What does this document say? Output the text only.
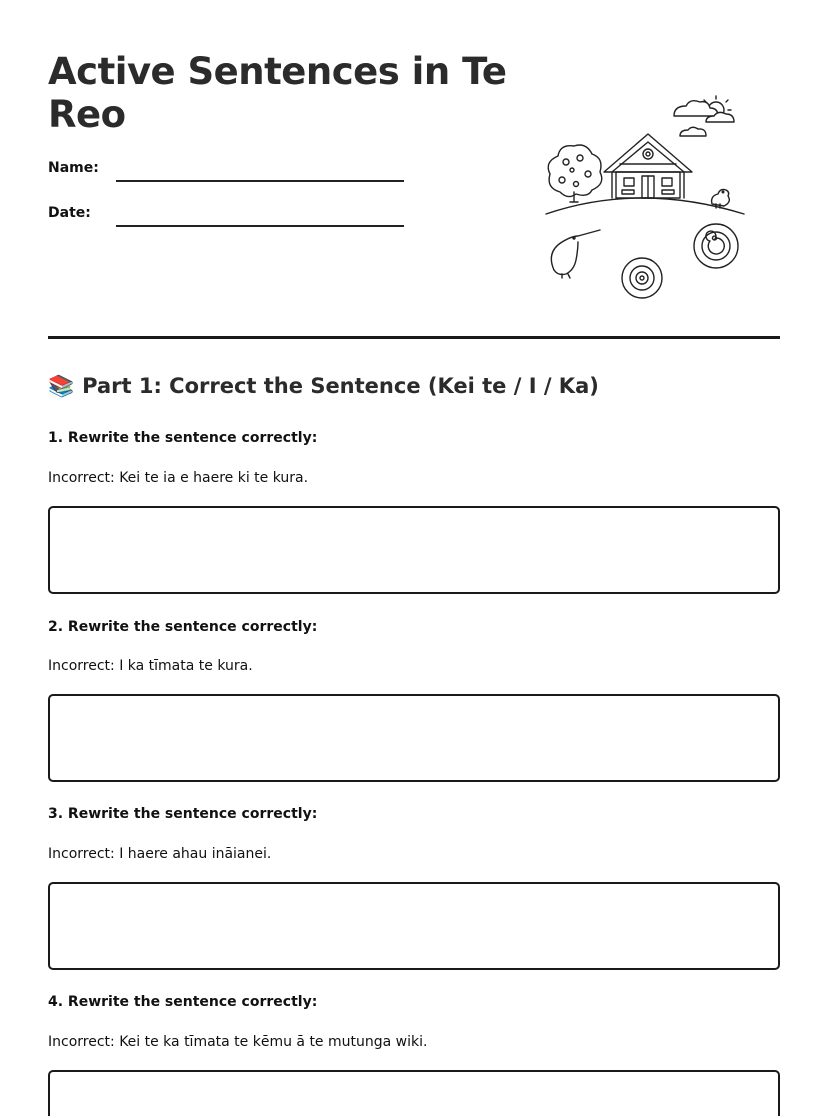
Active Sentences in Te Reo
Name:
Date:
📚 Part 1: Correct the Sentence (Kei te / I / Ka)
1. Rewrite the sentence correctly:
Incorrect: Kei te ia e haere ki te kura.
2. Rewrite the sentence correctly:
Incorrect: I ka tīmata te kura.
3. Rewrite the sentence correctly:
Incorrect: I haere ahau ināianei.
4. Rewrite the sentence correctly:
Incorrect: Kei te ka tīmata te kēmu ā te mutunga wiki.
